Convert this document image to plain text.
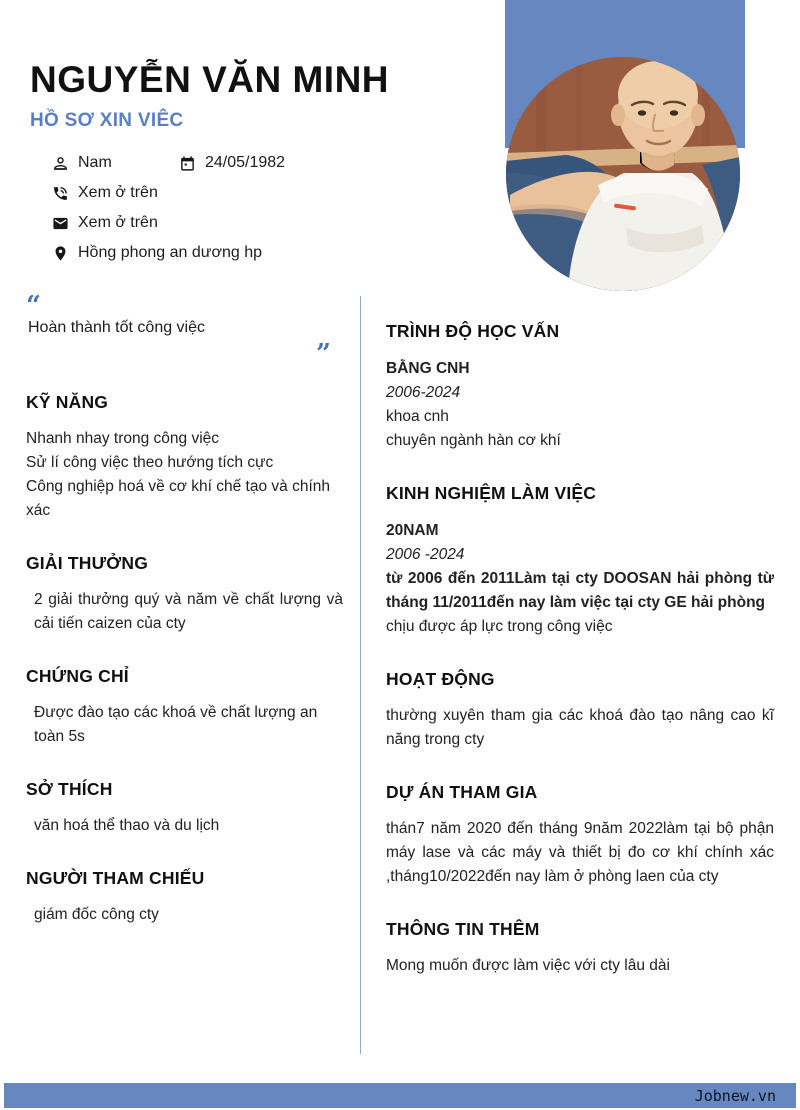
NGUYỄN VĂN MINH
HỒ SƠ XIN VIÊC
Nam	24/05/1982
Xem ở trên
Xem ở trên
Hồng phong an dương hp
“
Hoàn thành tốt công việc
”
KỸ NĂNG

Nhanh nhay trong công việc

Sử lí công việc theo hướng tích cực

Công nghiệp hoá về cơ khí chế tạo và chính xác

GIẢI THƯỞNG

2 giải thưởng quý và năm về chất lượng và cải tiến caizen của cty

CHỨNG CHỈ

Được đào tạo các khoá về chất lượng an toàn 5s

SỞ THÍCH

văn hoá thể thao và du lịch

NGƯỜI THAM CHIẾU

giám đốc công cty

TRÌNH ĐỘ HỌC VẤN

BẰNG CNH

2006-2024

khoa cnh

chuyên ngành hàn cơ khí

KINH NGHIỆM LÀM VIỆC

20NAM

2006 -2024

từ 2006 đến 2011Làm tại cty DOOSAN hải phòng từ tháng 11/2011đến nay làm việc tại cty GE hải phòng

chịu được áp lực trong công việc

HOẠT ĐỘNG

thường xuyên tham gia các khoá đào tạo nâng cao kĩ năng trong cty

DỰ ÁN THAM GIA

thán7 năm 2020 đến tháng 9năm 2022làm tại bộ phận máy lase và các máy và thiết bị đo cơ khí chính xác ,tháng10/2022đến nay làm ở phòng laen của cty

THÔNG TIN THÊM

Mong muốn được làm việc với cty lâu dài

Jobnew.vn
